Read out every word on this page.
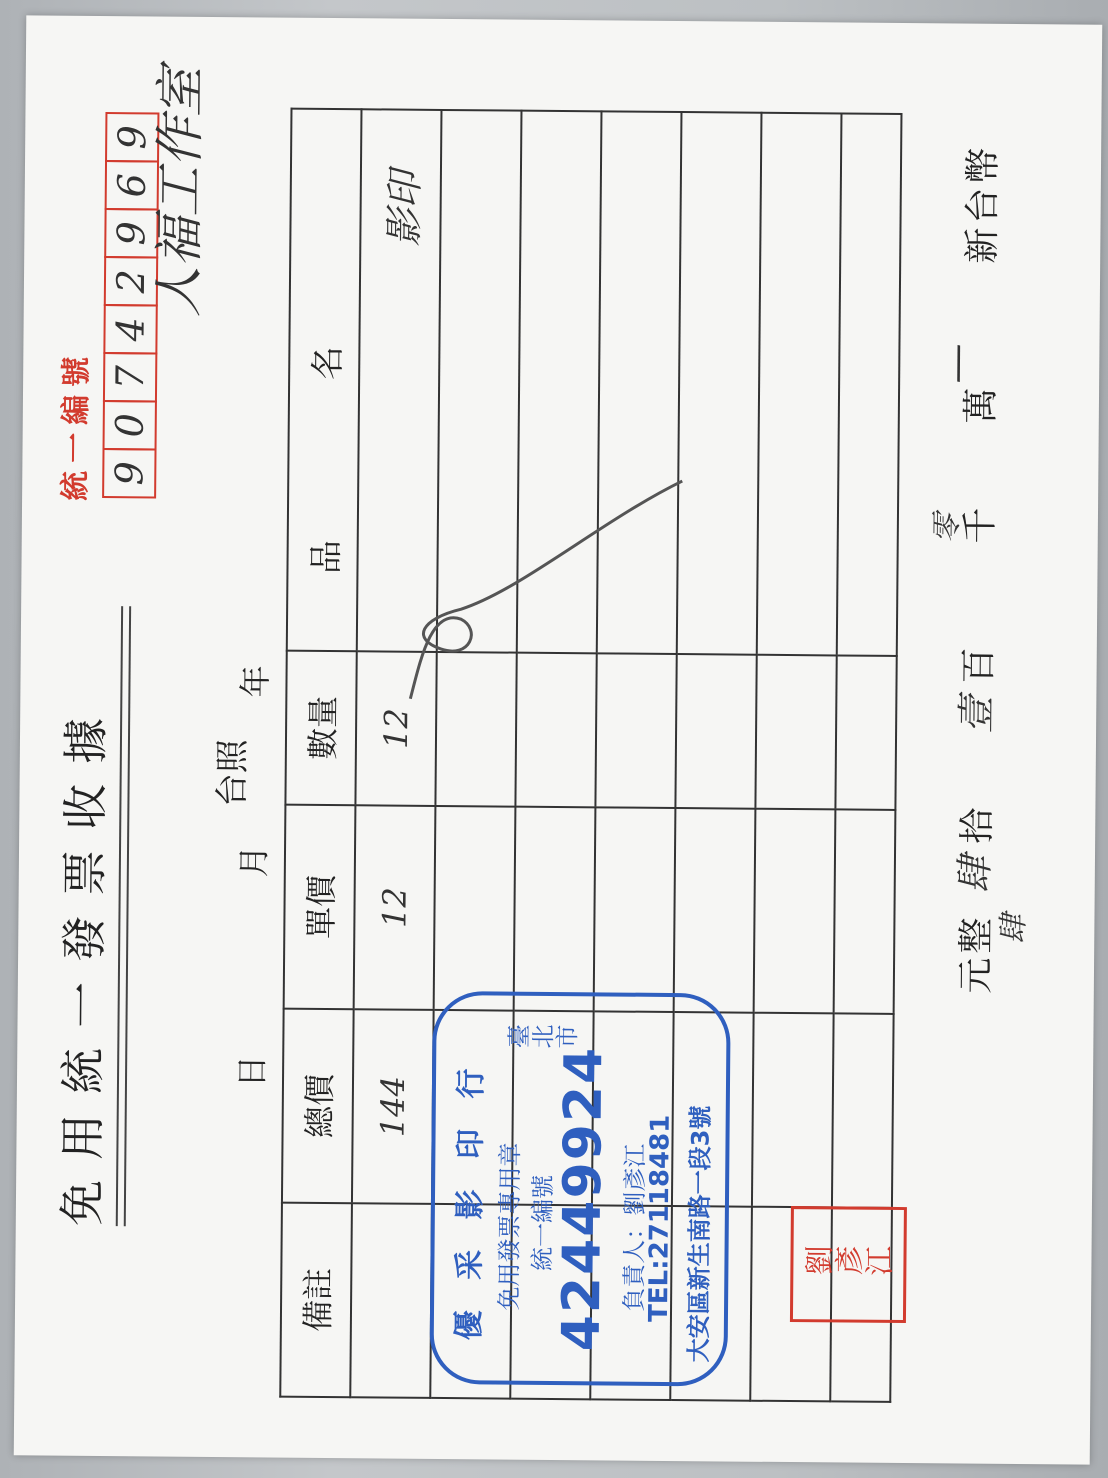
統一編號 9
0
7
4
2
9
6
9
免用統一發票收據
人福工作室
台照
日
月
年
備註	總價	單價	數量	品名
	144	12	12	影印

					新台幣
萬
千
百
拾
元整
—
零
壹
肆
肆
優 采 影 印 行 免用發票專用章 統一編號
42449924 負責人：劉彥江
臺北市
TEL:27118481 大安區新生南路一段3號	劉彥江
